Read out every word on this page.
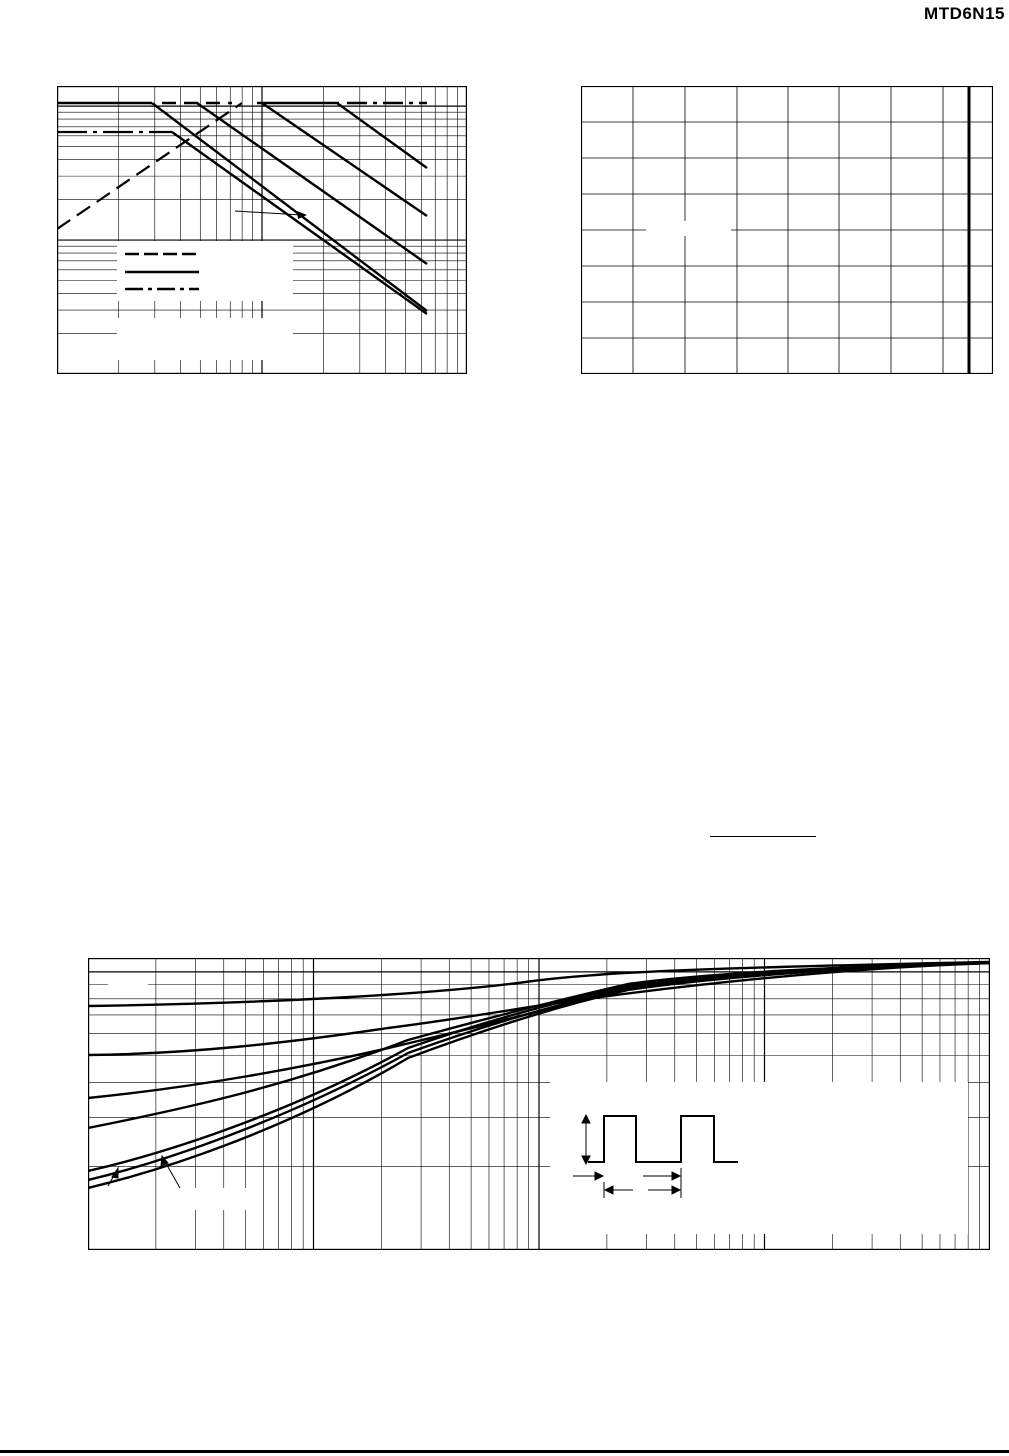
MTD6N15
